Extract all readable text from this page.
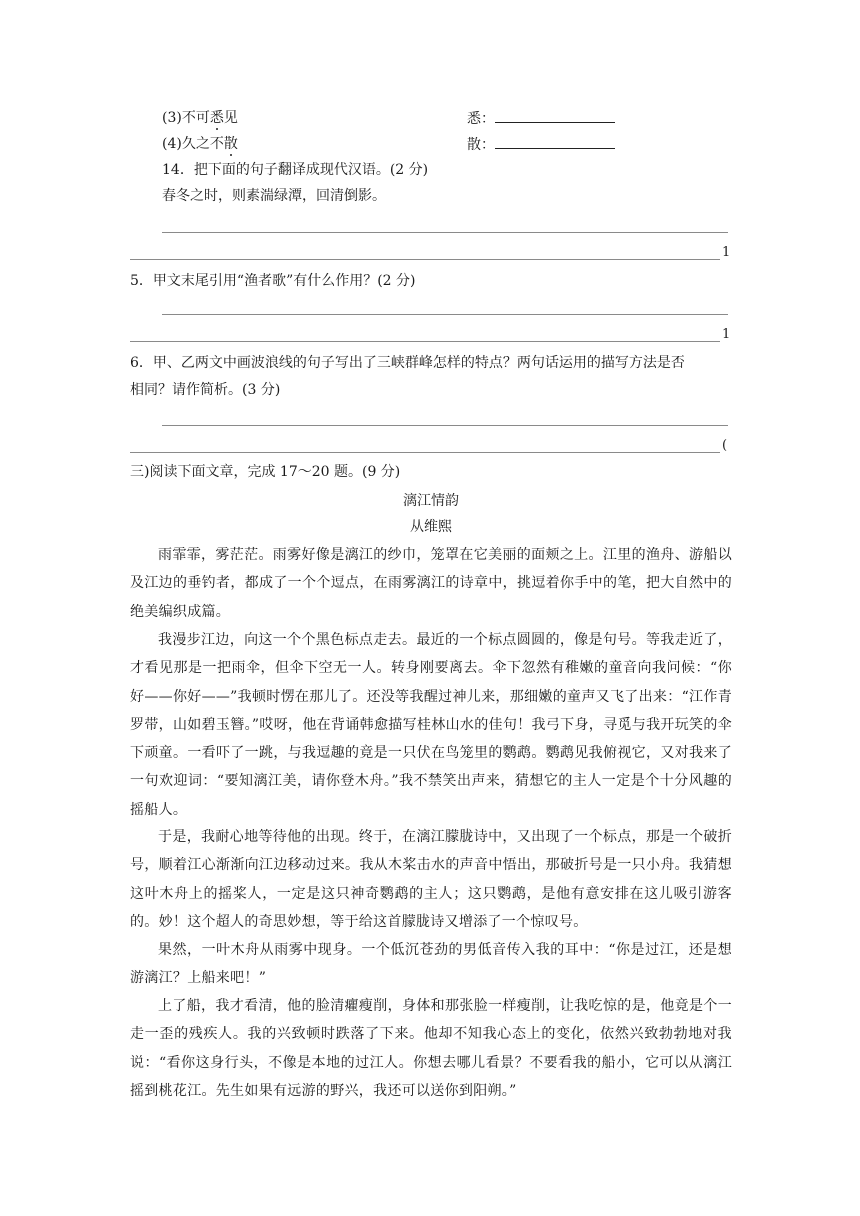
(3)不可悉见	悉：
(4)久之不散	散：
14．把下面的句子翻译成现代汉语。(2 分)
春冬之时，则素湍绿潭，回清倒影。
1
5．甲文末尾引用“渔者歌”有什么作用？(2 分)
1
6．甲、乙两文中画波浪线的句子写出了三峡群峰怎样的特点？两句话运用的描写方法是否
相同？请作简析。(3 分)
(
三)阅读下面文章，完成 17～20 题。(9 分)
漓江情韵
从维熙

雨霏霏，雾茫茫。雨雾好像是漓江的纱巾，笼罩在它美丽的面颊之上。江里的渔舟、游船以及江边的垂钓者，都成了一个个逗点，在雨雾漓江的诗章中，挑逗着你手中的笔，把大自然中的绝美编织成篇。

我漫步江边，向这一个个黑色标点走去。最近的一个标点圆圆的，像是句号。等我走近了，才看见那是一把雨伞，但伞下空无一人。转身刚要离去。伞下忽然有稚嫩的童音向我问候：“你好——你好——”我顿时愣在那儿了。还没等我醒过神儿来，那细嫩的童声又飞了出来：“江作青罗带，山如碧玉簪。”哎呀，他在背诵韩愈描写桂林山水的佳句！我弓下身，寻觅与我开玩笑的伞下顽童。一看吓了一跳，与我逗趣的竟是一只伏在鸟笼里的鹦鹉。鹦鹉见我俯视它，又对我来了一句欢迎词：“要知漓江美，请你登木舟。”我不禁笑出声来，猜想它的主人一定是个十分风趣的摇船人。

于是，我耐心地等待他的出现。终于，在漓江朦胧诗中，又出现了一个标点，那是一个破折号，顺着江心渐渐向江边移动过来。我从木桨击水的声音中悟出，那破折号是一只小舟。我猜想这叶木舟上的摇桨人，一定是这只神奇鹦鹉的主人；这只鹦鹉，是他有意安排在这儿吸引游客的。妙！这个超人的奇思妙想，等于给这首朦胧诗又增添了一个惊叹号。

果然，一叶木舟从雨雾中现身。一个低沉苍劲的男低音传入我的耳中：“你是过江，还是想游漓江？上船来吧！”

上了船，我才看清，他的脸清癯瘦削，身体和那张脸一样瘦削，让我吃惊的是，他竟是个一走一歪的残疾人。我的兴致顿时跌落了下来。他却不知我心态上的变化，依然兴致勃勃地对我说：“看你这身行头，不像是本地的过江人。你想去哪儿看景？不要看我的船小，它可以从漓江摇到桃花江。先生如果有远游的野兴，我还可以送你到阳朔。”
